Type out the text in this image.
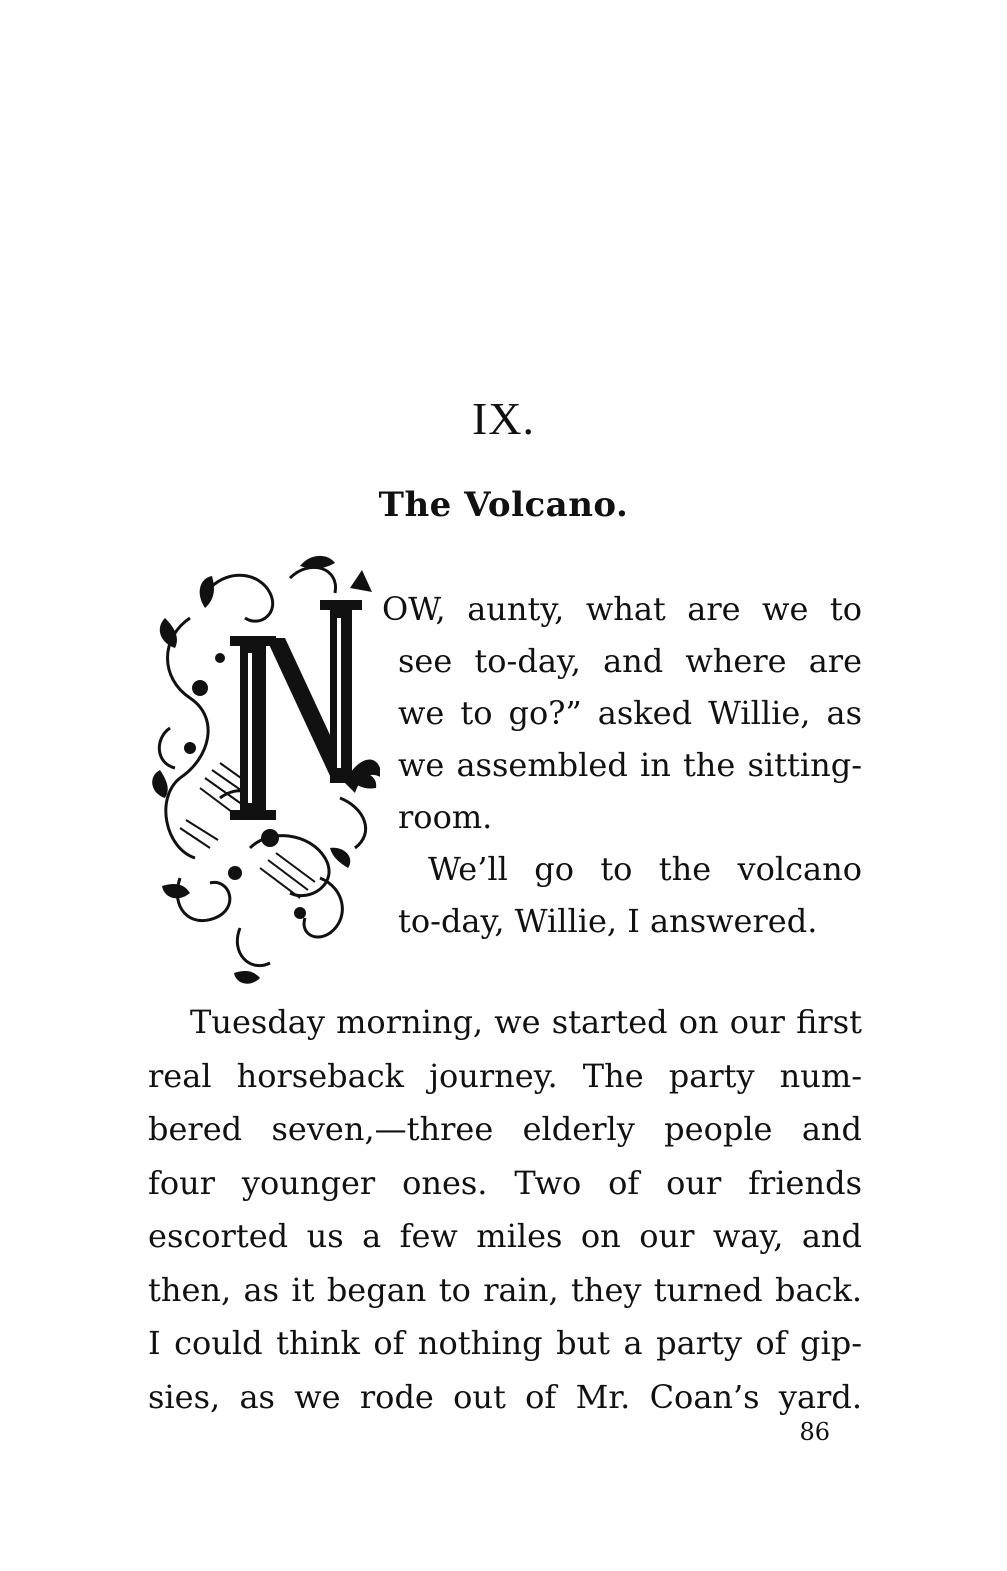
IX.
The Volcano.
OW, aunty, what are we to
see to-day, and where are
we to go?” asked Willie, as
we assembled in the sitting-
room.
We’ll go to the volcano
to-day, Willie, I answered.
Tuesday morning, we started on our first
real horseback journey. The party num-
bered seven,—three elderly people and
four younger ones. Two of our friends
escorted us a few miles on our way, and
then, as it began to rain, they turned back.
I could think of nothing but a party of gip-
sies, as we rode out of Mr. Coan’s yard.
86
